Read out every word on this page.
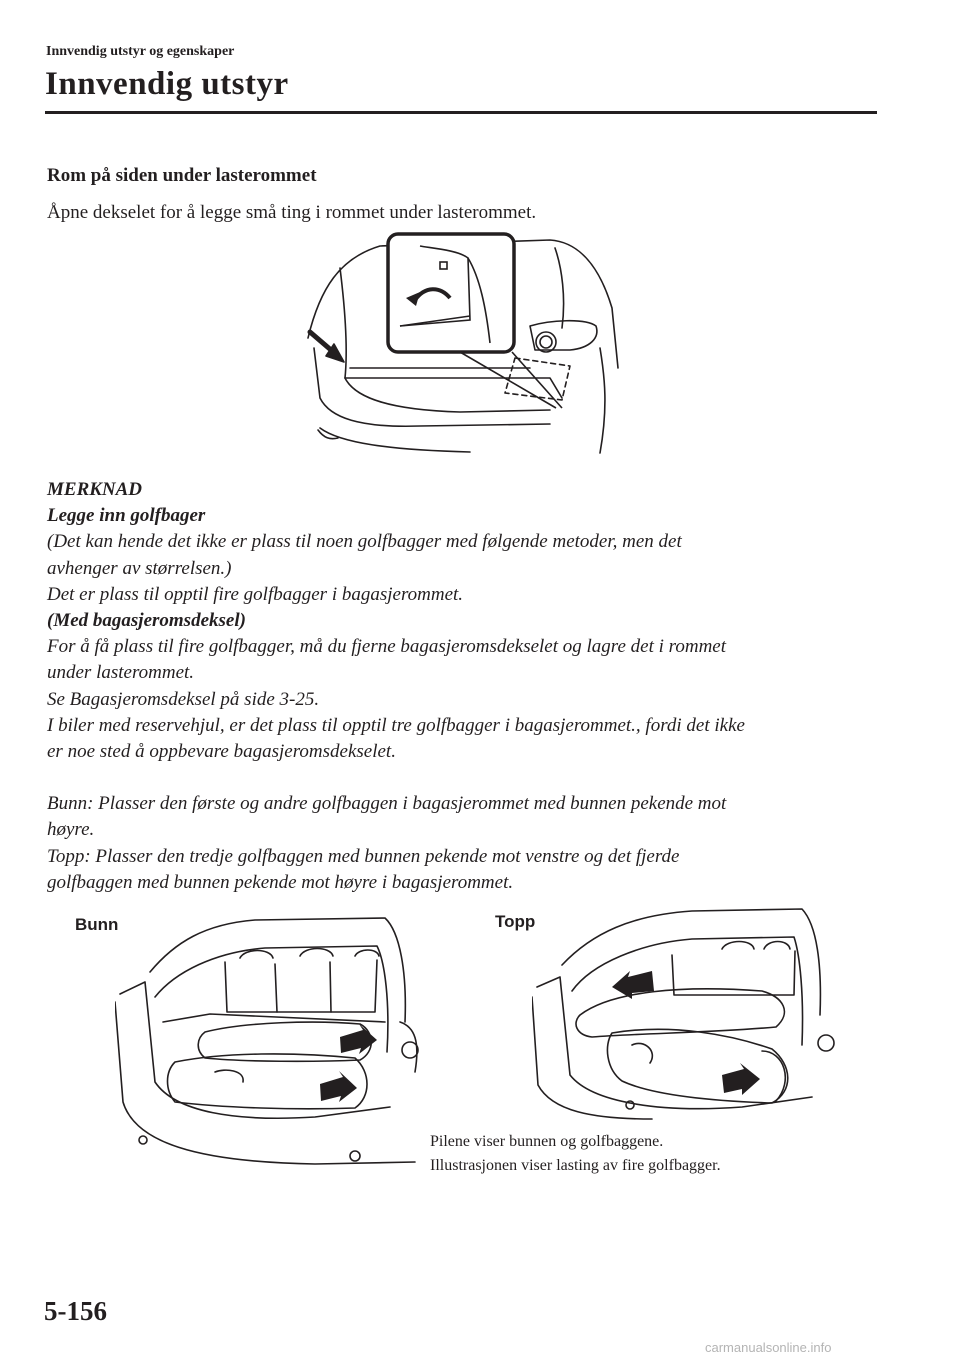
Innvendig utstyr og egenskaper
Innvendig utstyr
Rom på siden under lasterommet
Åpne dekselet for å legge små ting i rommet under lasterommet.
MERKNAD
Legge inn golfbager
(Det kan hende det ikke er plass til noen golfbagger med følgende metoder, men det
avhenger av størrelsen.)
Det er plass til opptil fire golfbagger i bagasjerommet.
(Med bagasjeromsdeksel)
For å få plass til fire golfbagger, må du fjerne bagasjeromsdekselet og lagre det i rommet
under lasterommet.
Se Bagasjeromsdeksel på side 3-25.
I biler med reservehjul, er det plass til opptil tre golfbagger i bagasjerommet., fordi det ikke
er noe sted å oppbevare bagasjeromsdekselet.
Bunn: Plasser den første og andre golfbaggen i bagasjerommet med bunnen pekende mot
høyre.
Topp: Plasser den tredje golfbaggen med bunnen pekende mot venstre og det fjerde
golfbaggen med bunnen pekende mot høyre i bagasjerommet.
Bunn	Topp
Pilene viser bunnen og golfbaggene.
Illustrasjonen viser lasting av fire golfbagger.
5-156
carmanualsonline.info
